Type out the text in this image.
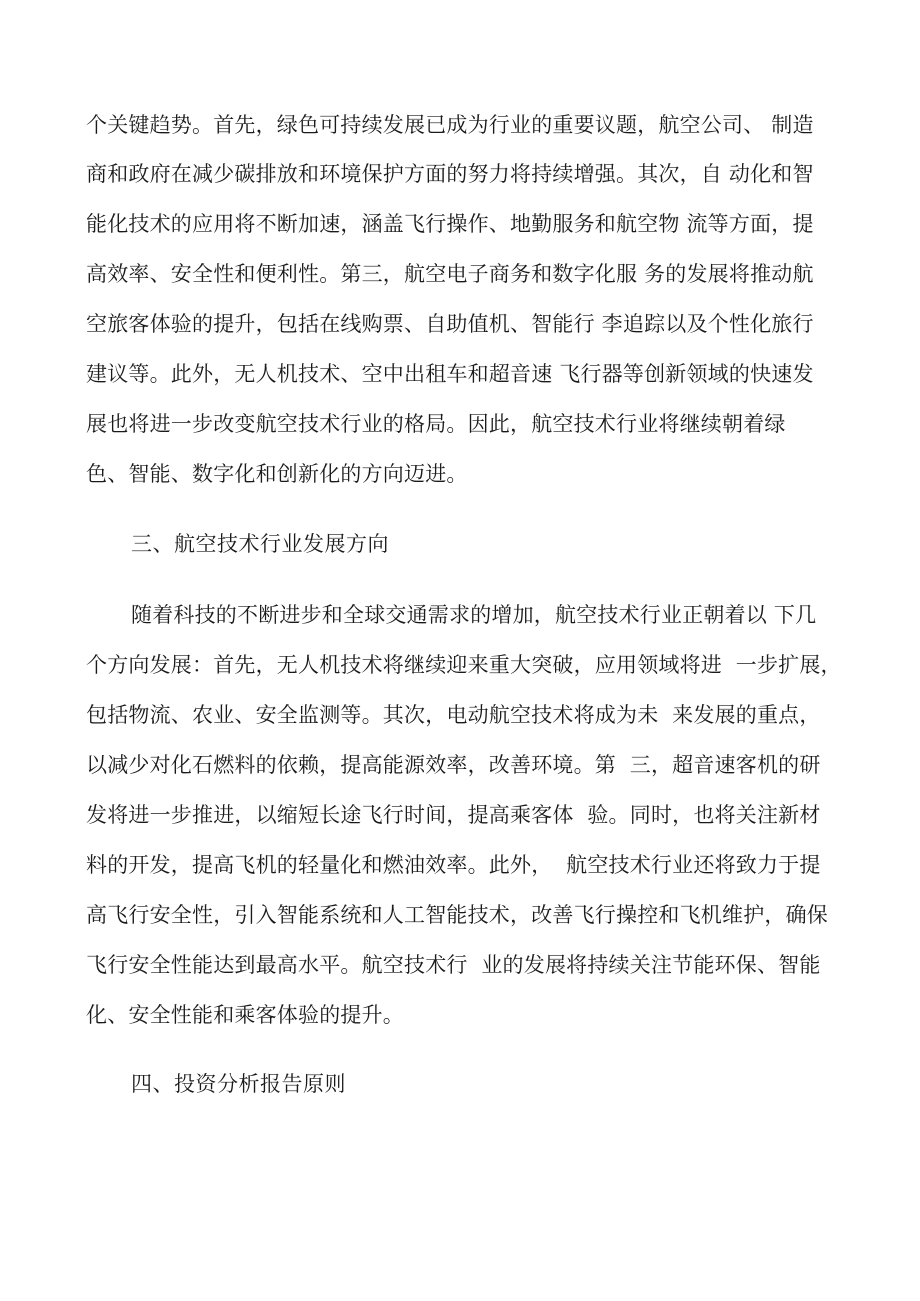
个关键趋势。首先，绿色可持续发展已成为行业的重要议题，航空公司、 制造
商和政府在减少碳排放和环境保护方面的努力将持续增强。其次，自 动化和智
能化技术的应用将不断加速，涵盖飞行操作、地勤服务和航空物 流等方面，提
高效率、安全性和便利性。第三，航空电子商务和数字化服 务的发展将推动航
空旅客体验的提升，包括在线购票、自助值机、智能行 李追踪以及个性化旅行
建议等。此外，无人机技术、空中出租车和超音速 飞行器等创新领域的快速发
展也将进一步改变航空技术行业的格局。因此，航空技术行业将继续朝着绿
色、智能、数字化和创新化的方向迈进。
三、航空技术行业发展方向
随着科技的不断进步和全球交通需求的增加，航空技术行业正朝着以 下几
个方向发展：首先，无人机技术将继续迎来重大突破，应用领域将进  一步扩展，
包括物流、农业、安全监测等。其次，电动航空技术将成为未  来发展的重点，
以减少对化石燃料的依赖，提高能源效率，改善环境。第  三，超音速客机的研
发将进一步推进，以缩短长途飞行时间，提高乘客体  验。同时，也将关注新材
料的开发，提高飞机的轻量化和燃油效率。此外，  航空技术行业还将致力于提
高飞行安全性，引入智能系统和人工智能技术，改善飞行操控和飞机维护，确保
飞行安全性能达到最高水平。航空技术行  业的发展将持续关注节能环保、智能
化、安全性能和乘客体验的提升。
四、投资分析报告原则
